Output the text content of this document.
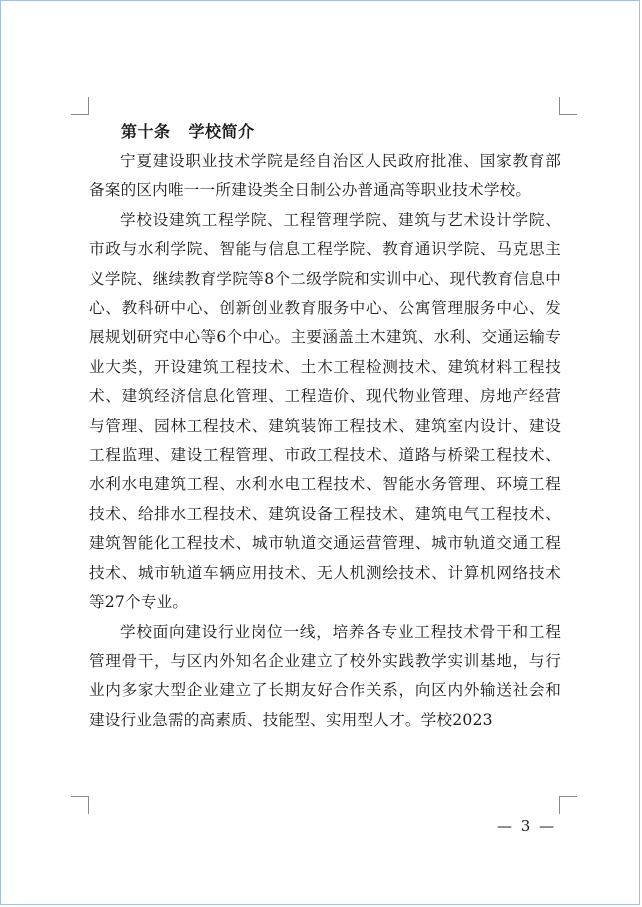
第十条 学校简介

宁夏建设职业技术学院是经自治区人民政府批准、国家教育部备案的区内唯一一所建设类全日制公办普通高等职业技术学校。

学校设建筑工程学院、工程管理学院、建筑与艺术设计学院、市政与水利学院、智能与信息工程学院、教育通识学院、马克思主义学院、继续教育学院等8个二级学院和实训中心、现代教育信息中心、教科研中心、创新创业教育服务中心、公寓管理服务中心、发展规划研究中心等6个中心。主要涵盖土木建筑、水利、交通运输专业大类，开设建筑工程技术、土木工程检测技术、建筑材料工程技术、建筑经济信息化管理、工程造价、现代物业管理、房地产经营与管理、园林工程技术、建筑装饰工程技术、建筑室内设计、建设工程监理、建设工程管理、市政工程技术、道路与桥梁工程技术、水利水电建筑工程、水利水电工程技术、智能水务管理、环境工程技术、给排水工程技术、建筑设备工程技术、建筑电气工程技术、建筑智能化工程技术、城市轨道交通运营管理、城市轨道交通工程技术、城市轨道车辆应用技术、无人机测绘技术、计算机网络技术等27个专业。

学校面向建设行业岗位一线，培养各专业工程技术骨干和工程管理骨干，与区内外知名企业建立了校外实践教学实训基地，与行业内多家大型企业建立了长期友好合作关系，向区内外输送社会和建设行业急需的高素质、技能型、实用型人才。学校2023

— 3 —
